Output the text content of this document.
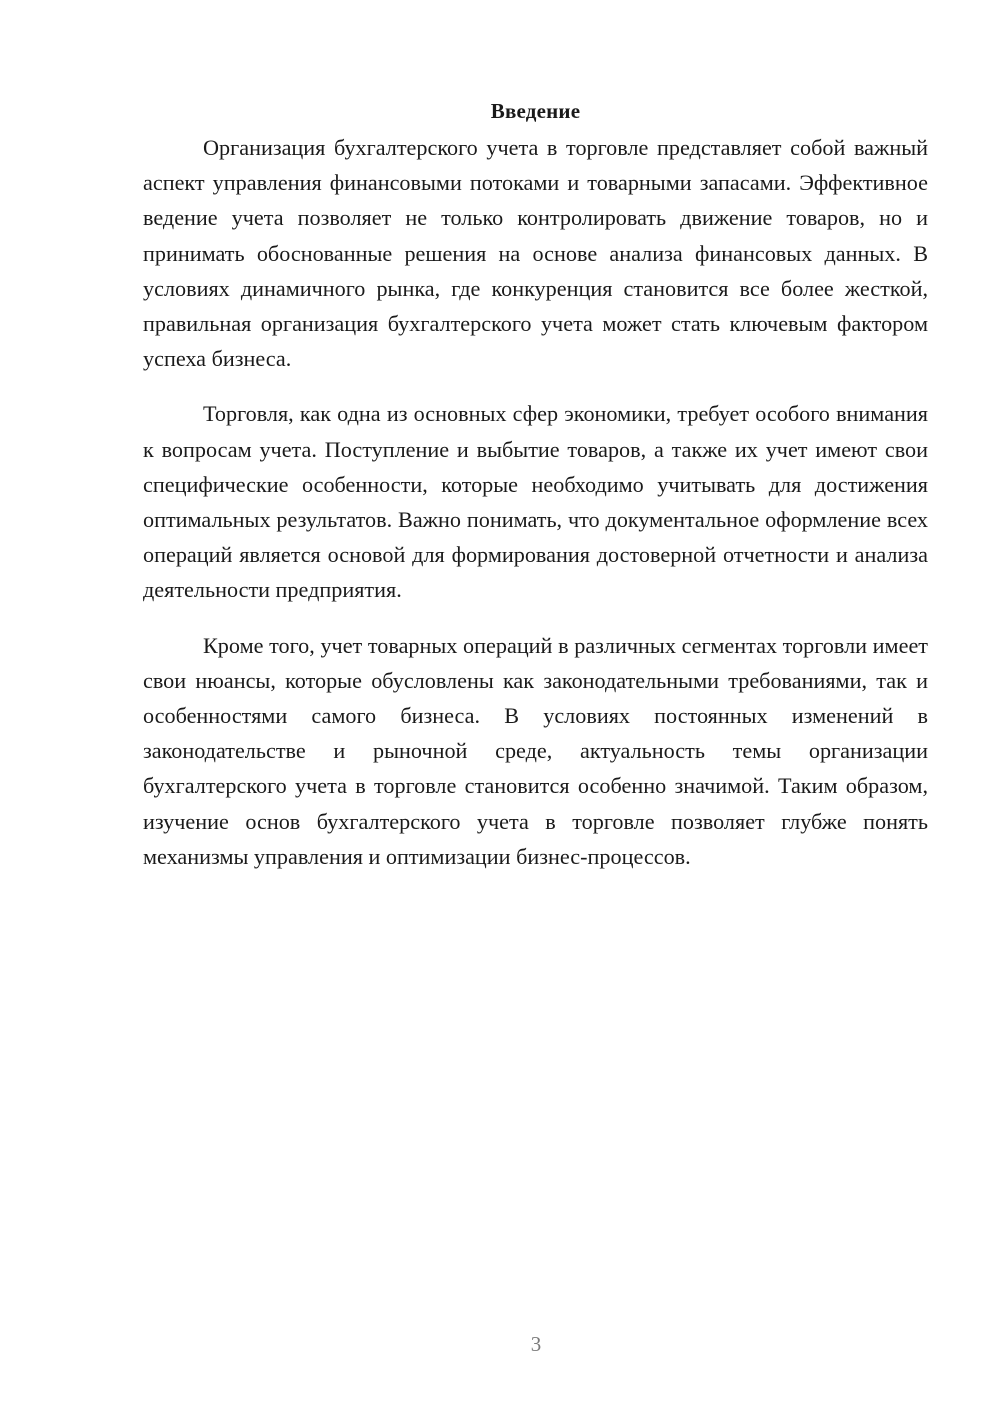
Введение

Организация бухгалтерского учета в торговле представляет собой важный аспект управления финансовыми потоками и товарными запасами. Эффективное ведение учета позволяет не только контролировать движение товаров, но и принимать обоснованные решения на основе анализа финансовых данных. В условиях динамичного рынка, где конкуренция становится все более жесткой, правильная организация бухгалтерского учета может стать ключевым фактором успеха бизнеса.

Торговля, как одна из основных сфер экономики, требует особого внимания к вопросам учета. Поступление и выбытие товаров, а также их учет имеют свои специфические особенности, которые необходимо учитывать для достижения оптимальных результатов. Важно понимать, что документальное оформление всех операций является основой для формирования достоверной отчетности и анализа деятельности предприятия.

Кроме того, учет товарных операций в различных сегментах торговли имеет свои нюансы, которые обусловлены как законодательными требованиями, так и особенностями самого бизнеса. В условиях постоянных изменений в законодательстве и рыночной среде, актуальность темы организации бухгалтерского учета в торговле становится особенно значимой. Таким образом, изучение основ бухгалтерского учета в торговле позволяет глубже понять механизмы управления и оптимизации бизнес-процессов.

3
